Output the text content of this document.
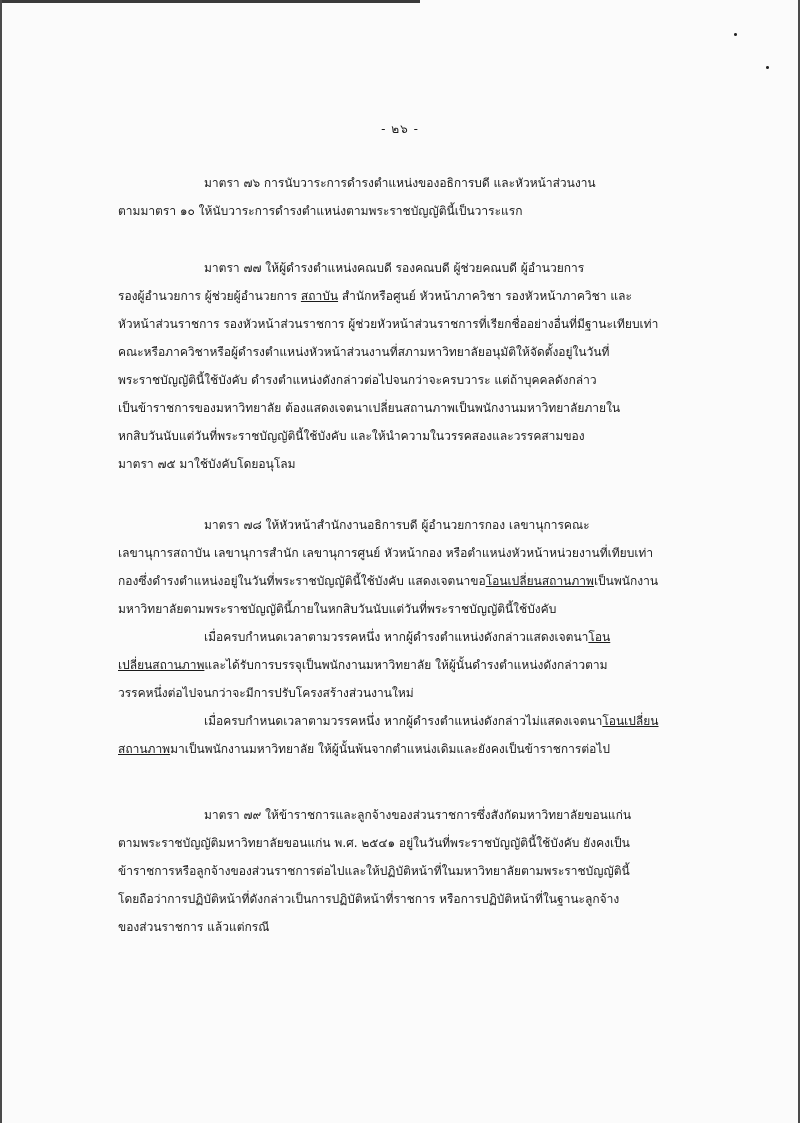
- ๒๖ -
มาตรา ๗๖ การนับวาระการดำรงตำแหน่งของอธิการบดี และหัวหน้าส่วนงาน
ตามมาตรา ๑๐ ให้นับวาระการดำรงตำแหน่งตามพระราชบัญญัตินี้เป็นวาระแรก
มาตรา ๗๗ ให้ผู้ดำรงตำแหน่งคณบดี รองคณบดี ผู้ช่วยคณบดี ผู้อำนวยการ
รองผู้อำนวยการ ผู้ช่วยผู้อำนวยการ สถาบัน สำนักหรือศูนย์ หัวหน้าภาควิชา รองหัวหน้าภาควิชา และ
หัวหน้าส่วนราชการ รองหัวหน้าส่วนราชการ ผู้ช่วยหัวหน้าส่วนราชการที่เรียกชื่ออย่างอื่นที่มีฐานะเทียบเท่า
คณะหรือภาควิชาหรือผู้ดำรงตำแหน่งหัวหน้าส่วนงานที่สภามหาวิทยาลัยอนุมัติให้จัดตั้งอยู่ในวันที่
พระราชบัญญัตินี้ใช้บังคับ ดำรงตำแหน่งดังกล่าวต่อไปจนกว่าจะครบวาระ แต่ถ้าบุคคลดังกล่าว
เป็นข้าราชการของมหาวิทยาลัย ต้องแสดงเจตนาเปลี่ยนสถานภาพเป็นพนักงานมหาวิทยาลัยภายใน
หกสิบวันนับแต่วันที่พระราชบัญญัตินี้ใช้บังคับ และให้นำความในวรรคสองและวรรคสามของ
มาตรา ๗๕ มาใช้บังคับโดยอนุโลม
มาตรา ๗๘ ให้หัวหน้าสำนักงานอธิการบดี ผู้อำนวยการกอง เลขานุการคณะ
เลขานุการสถาบัน เลขานุการสำนัก เลขานุการศูนย์ หัวหน้ากอง หรือตำแหน่งหัวหน้าหน่วยงานที่เทียบเท่า
กองซึ่งดำรงตำแหน่งอยู่ในวันที่พระราชบัญญัตินี้ใช้บังคับ แสดงเจตนาขอโอนเปลี่ยนสถานภาพเป็นพนักงาน
มหาวิทยาลัยตามพระราชบัญญัตินี้ภายในหกสิบวันนับแต่วันที่พระราชบัญญัตินี้ใช้บังคับ
เมื่อครบกำหนดเวลาตามวรรคหนึ่ง หากผู้ดำรงตำแหน่งดังกล่าวแสดงเจตนาโอน
เปลี่ยนสถานภาพและได้รับการบรรจุเป็นพนักงานมหาวิทยาลัย ให้ผู้นั้นดำรงตำแหน่งดังกล่าวตาม
วรรคหนึ่งต่อไปจนกว่าจะมีการปรับโครงสร้างส่วนงานใหม่
เมื่อครบกำหนดเวลาตามวรรคหนึ่ง หากผู้ดำรงตำแหน่งดังกล่าวไม่แสดงเจตนาโอนเปลี่ยน
สถานภาพมาเป็นพนักงานมหาวิทยาลัย ให้ผู้นั้นพ้นจากตำแหน่งเดิมและยังคงเป็นข้าราชการต่อไป
มาตรา ๗๙ ให้ข้าราชการและลูกจ้างของส่วนราชการซึ่งสังกัดมหาวิทยาลัยขอนแก่น
ตามพระราชบัญญัติมหาวิทยาลัยขอนแก่น พ.ศ. ๒๕๔๑ อยู่ในวันที่พระราชบัญญัตินี้ใช้บังคับ ยังคงเป็น
ข้าราชการหรือลูกจ้างของส่วนราชการต่อไปและให้ปฏิบัติหน้าที่ในมหาวิทยาลัยตามพระราชบัญญัตินี้
โดยถือว่าการปฏิบัติหน้าที่ดังกล่าวเป็นการปฏิบัติหน้าที่ราชการ หรือการปฏิบัติหน้าที่ในฐานะลูกจ้าง
ของส่วนราชการ แล้วแต่กรณี
